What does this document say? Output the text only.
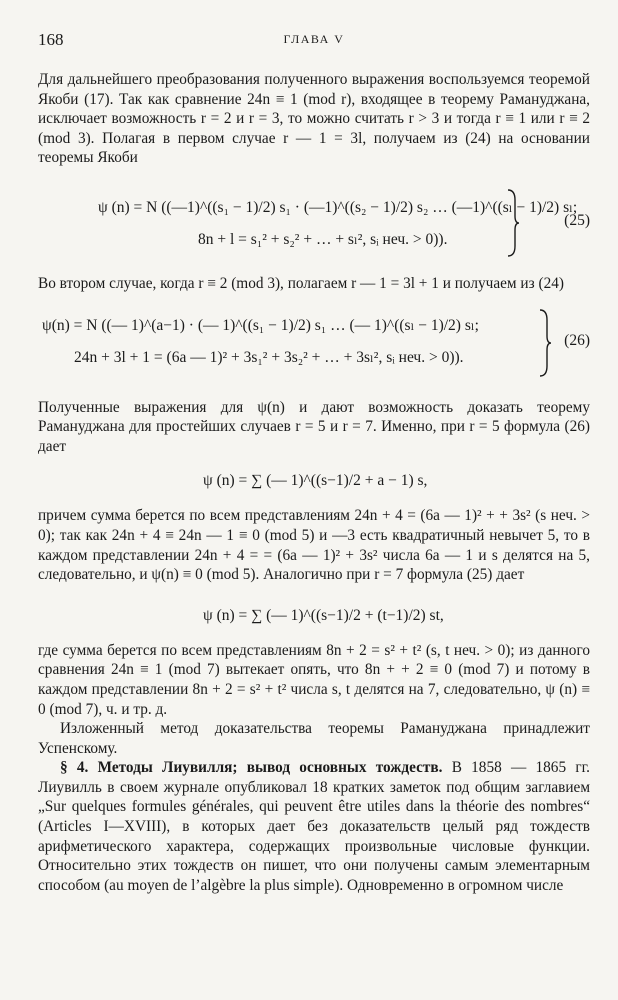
168	ГЛАВА V

Для дальнейшего преобразования полученного выражения воспользуемся теоремой Якоби (17). Так как сравнение 24n ≡ 1 (mod r), входящее в теорему Рамануджана, исключает возможность r = 2 и r = 3, то можно считать r > 3 и тогда r ≡ 1 или r ≡ 2 (mod 3). Полагая в первом случае r — 1 = 3l, получаем из (24) на основании теоремы Якоби

ψ (n) = N ((—1)^((s₁ − 1)/2) s₁ · (—1)^((s₂ − 1)/2) s₂ … (—1)^((sₗ − 1)/2) sₗ;
8n + l = s₁² + s₂² + … + sₗ², sᵢ неч. > 0)).
(25)

Во втором случае, когда r ≡ 2 (mod 3), полагаем r — 1 = 3l + 1 и получаем из (24)

ψ(n) = N ((— 1)^(a−1) · (— 1)^((s₁ − 1)/2) s₁ … (— 1)^((sₗ − 1)/2) sₗ;
24n + 3l + 1 = (6a — 1)² + 3s₁² + 3s₂² + … + 3sₗ², sᵢ неч. > 0)).
(26)

Полученные выражения для ψ(n) и дают возможность доказать теорему Рамануджана для простейших случаев r = 5 и r = 7. Именно, при r = 5 формула (26) дает

ψ (n) = ∑ (— 1)^((s−1)/2 + a − 1) s,

причем сумма берется по всем представлениям 24n + 4 = (6a — 1)² + + 3s² (s неч. > 0); так как 24n + 4 ≡ 24n — 1 ≡ 0 (mod 5) и —3 есть квадратичный невычет 5, то в каждом представлении 24n + 4 = = (6a — 1)² + 3s² числа 6a — 1 и s делятся на 5, следовательно, и ψ(n) ≡ 0 (mod 5). Аналогично при r = 7 формула (25) дает

ψ (n) = ∑ (— 1)^((s−1)/2 + (t−1)/2) st,

где сумма берется по всем представлениям 8n + 2 = s² + t² (s, t неч. > 0); из данного сравнения 24n ≡ 1 (mod 7) вытекает опять, что 8n + + 2 ≡ 0 (mod 7) и потому в каждом представлении 8n + 2 = s² + t² числа s, t делятся на 7, следовательно, ψ (n) ≡ 0 (mod 7), ч. и тр. д.

Изложенный метод доказательства теоремы Рамануджана принадлежит Успенскому.

§ 4. Методы Лиувилля; вывод основных тождеств. В 1858 — 1865 гг. Лиувилль в своем журнале опубликовал 18 кратких заметок под общим заглавием „Sur quelques formules générales, qui peuvent être utiles dans la théorie des nombres“ (Articles I—XVIII), в которых дает без доказательств целый ряд тождеств арифметического характера, содержащих произвольные числовые функции. Относительно этих тождеств он пишет, что они получены самым элементарным способом (au moyen de l’algèbre la plus simple). Одновременно в огромном числе
